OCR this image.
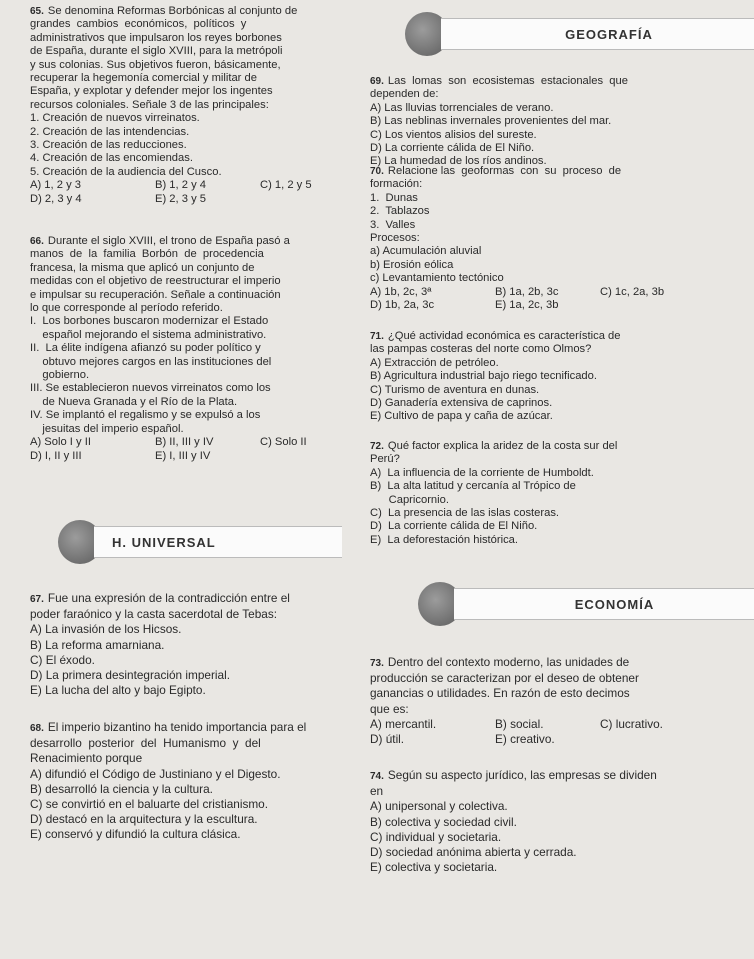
65. Se denomina Reformas Borbónicas al conjunto de
grandes  cambios  económicos,  políticos  y
administrativos que impulsaron los reyes borbones
de España, durante el siglo XVIII, para la metrópoli
y sus colonias. Sus objetivos fueron, básicamente,
recuperar la hegemonía comercial y militar de
España, y explotar y defender mejor los ingentes
recursos coloniales. Señale 3 de las principales:
1. Creación de nuevos virreinatos.
2. Creación de las intendencias.
3. Creación de las reducciones.
4. Creación de las encomiendas.
5. Creación de la audiencia del Cusco.
A) 1, 2 y 3	B) 1, 2 y 4	C) 1, 2 y 5
D) 2, 3 y 4	E) 2, 3 y 5
66. Durante el siglo XVIII, el trono de España pasó a
manos  de  la  familia  Borbón  de  procedencia
francesa, la misma que aplicó un conjunto de
medidas con el objetivo de reestructurar el imperio
e impulsar su recuperación. Señale a continuación
lo que corresponde al período referido.
I.  Los borbones buscaron modernizar el Estado
español mejorando el sistema administrativo.
II.  La élite indígena afianzó su poder político y
obtuvo mejores cargos en las instituciones del
gobierno.
III. Se establecieron nuevos virreinatos como los
de Nueva Granada y el Río de la Plata.
IV. Se implantó el regalismo y se expulsó a los
jesuitas del imperio español.
A) Solo I y II	B) II, III y IV	C) Solo II
D) I, II y III	E) I, III y IV
H. UNIVERSAL
67. Fue una expresión de la contradicción entre el
poder faraónico y la casta sacerdotal de Tebas:
A) La invasión de los Hicsos.
B) La reforma amarniana.
C) El éxodo.
D) La primera desintegración imperial.
E) La lucha del alto y bajo Egipto.
68. El imperio bizantino ha tenido importancia para el
desarrollo  posterior  del  Humanismo  y  del
Renacimiento porque
A) difundió el Código de Justiniano y el Digesto.
B) desarrolló la ciencia y la cultura.
C) se convirtió en el baluarte del cristianismo.
D) destacó en la arquitectura y la escultura.
E) conservó y difundió la cultura clásica.
GEOGRAFÍA
69. Las  lomas  son  ecosistemas  estacionales  que
dependen de:
A) Las lluvias torrenciales de verano.
B) Las neblinas invernales provenientes del mar.
C) Los vientos alisios del sureste.
D) La corriente cálida de El Niño.
E) La humedad de los ríos andinos.
70. Relacione las  geoformas  con  su  proceso  de
formación:
1.  Dunas
2.  Tablazos
3.  Valles
Procesos:
a) Acumulación aluvial
b) Erosión eólica
c) Levantamiento tectónico
A) 1b, 2c, 3ª	B) 1a, 2b, 3c	C) 1c, 2a, 3b
D) 1b, 2a, 3c	E) 1a, 2c, 3b
71. ¿Qué actividad económica es característica de
las pampas costeras del norte como Olmos?
A) Extracción de petróleo.
B) Agricultura industrial bajo riego tecnificado.
C) Turismo de aventura en dunas.
D) Ganadería extensiva de caprinos.
E) Cultivo de papa y caña de azúcar.
72. Qué factor explica la aridez de la costa sur del
Perú?
A)  La influencia de la corriente de Humboldt.
B)  La alta latitud y cercanía al Trópico de
Capricornio.
C)  La presencia de las islas costeras.
D)  La corriente cálida de El Niño.
E)  La deforestación histórica.
ECONOMÍA
73. Dentro del contexto moderno, las unidades de
producción se caracterizan por el deseo de obtener
ganancias o utilidades. En razón de esto decimos
que es:
A) mercantil.	B) social.	C) lucrativo.
D) útil.	E) creativo.
74. Según su aspecto jurídico, las empresas se dividen
en
A) unipersonal y colectiva.
B) colectiva y sociedad civil.
C) individual y societaria.
D) sociedad anónima abierta y cerrada.
E) colectiva y societaria.
